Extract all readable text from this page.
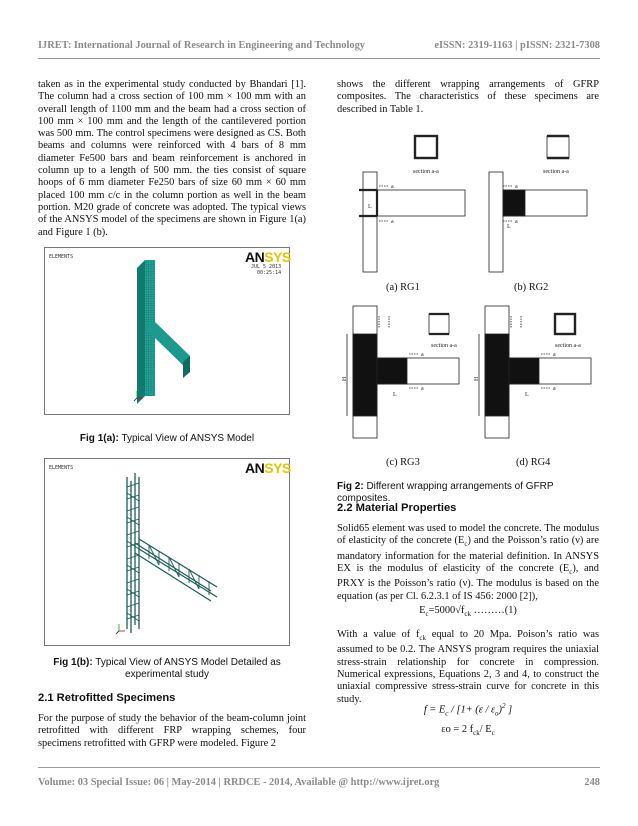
IJRET: International Journal of Research in Engineering and Technology	eISSN: 2319-1163 | pISSN: 2321-7308

taken as in the experimental study conducted by Bhandari [1]. The column had a cross section of 100 mm × 100 mm with an overall length of 1100 mm and the beam had a cross section of 100 mm × 100 mm and the length of the cantilevered portion was 500 mm. The control specimens were designed as CS. Both beams and columns were reinforced with 4 bars of 8 mm diameter Fe500 bars and beam reinforcement is anchored in column up to a length of 500 mm. the ties consist of square hoops of 6 mm diameter Fe250 bars of size 60 mm × 60 mm placed 100 mm c/c in the column portion as well in the beam portion. M20 grade of concrete was adopted. The typical views of the ANSYS model of the specimens are shown in Figure 1(a) and Figure 1 (b).

ELEMENTS	ANSYS
JUL 5 2013
00:25:14
Fig 1(a): Typical View of ANSYS Model
ELEMENTS	ANSYS
Fig 1(b): Typical View of ANSYS Model Detailed as experimental study
2.1 Retrofitted Specimens

For the purpose of study the behavior of the beam-column joint retrofitted with different FRP wrapping schemes, four specimens retrofitted with GFRP were modeled. Figure 2

shows the different wrapping arrangements of GFRP composites. The characteristics of these specimens are described in Table 1.

section a-a
L
a
a
section a-a
a
a
L
section a-a
H
a
a
L
section a-a
H
a
a
L
(a) RG1	(b) RG2
(c) RG3	(d) RG4
Fig 2: Different wrapping arrangements of GFRP composites.
2.2 Material Properties

Solid65 element was used to model the concrete. The modulus of elasticity of the concrete $(E_c)$ and the Poisson’s ratio (ν) are mandatory information for the material definition. In ANSYS EX is the modulus of elasticity of the concrete $(E_c)$, and PRXY is the Poisson’s ratio (ν). The modulus is based on the equation (as per Cl. 6.2.3.1 of IS 456: 2000 [2]),

$E_c=5000√f_{ck}$ ………(1)

With a value of $f_{ck}$ equal to 20 Mpa. Poison’s ratio was assumed to be 0.2. The ANSYS program requires the uniaxial stress-strain relationship for concrete in compression. Numerical expressions, Equations 2, 3 and 4, to construct the uniaxial compressive stress-strain curve for concrete in this study.

$f = E_c / [1+ (\varepsilon / \varepsilon_o)^2$ ]
εo = 2 $f_{ck}/$ $E_c$
Volume: 03 Special Issue: 06 | May-2014 | RRDCE - 2014, Available @ http://www.ijret.org	248
